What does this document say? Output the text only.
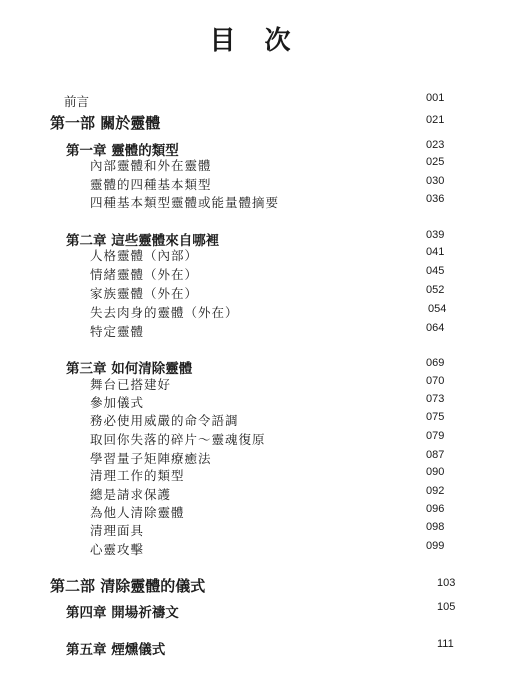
目 次
前言	001
第一部 關於靈體	021
第一章 靈體的類型	023
內部靈體和外在靈體	025
靈體的四種基本類型	030
四種基本類型靈體或能量體摘要	036
第二章 這些靈體來自哪裡	039
人格靈體（內部）	041
情緒靈體（外在）	045
家族靈體（外在）	052
失去肉身的靈體（外在）	054
特定靈體	064
第三章 如何清除靈體	069
舞台已搭建好	070
參加儀式	073
務必使用威嚴的命令語調	075
取回你失落的碎片～靈魂復原	079
學習量子矩陣療癒法	087
清理工作的類型	090
總是請求保護	092
為他人清除靈體	096
清理面具	098
心靈攻擊	099
第二部 清除靈體的儀式	103
第四章 開場祈禱文	105
第五章 煙燻儀式	111
